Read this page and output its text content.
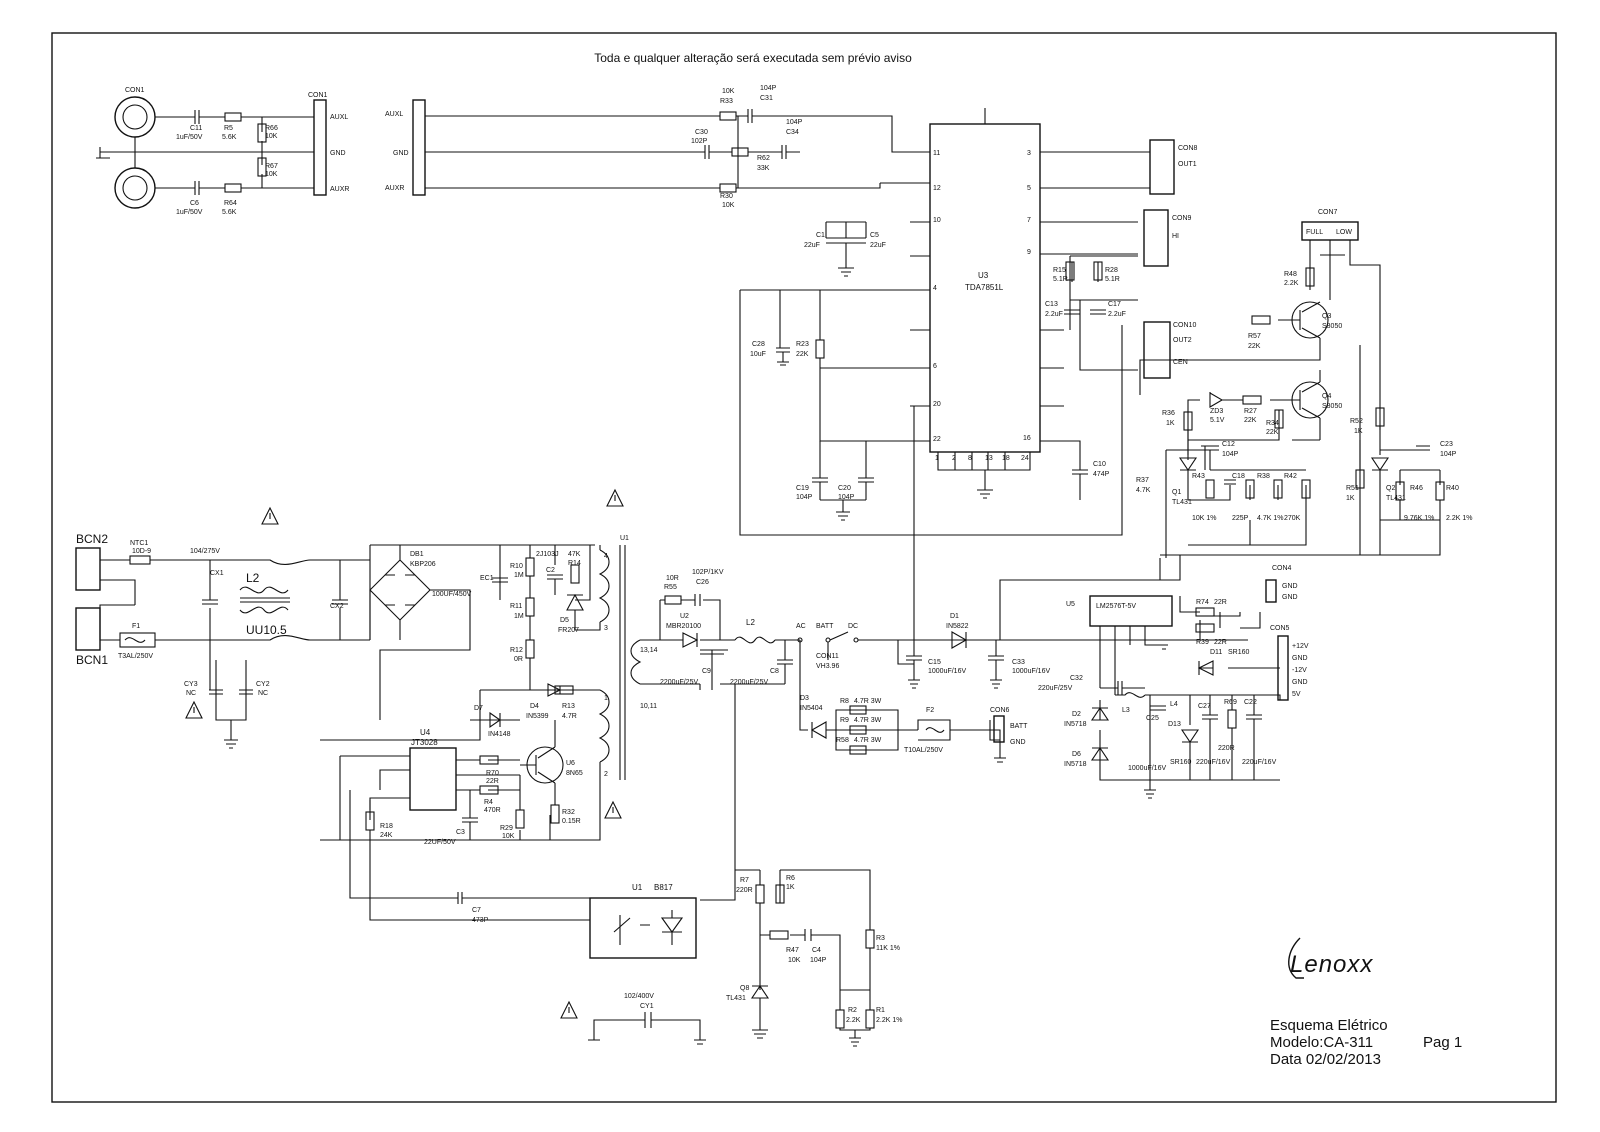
Toda e qualquer alteração será executada sem prévio aviso
CON1
CON1
AUXL
GND
AUXR
C11
1uF/50V
R5
5.6K
R66
10K
R67
10K
C6
1uF/50V
R64
5.6K
AUXL
GND
AUXR
10K
R33
104P
C31
104P
C34
C30
102P
R62
33K
R30
10K
U3
TDA7851L
11
12
10
4
6
20
22
3
5
7
9
16
1 2 8 13 18 24
C1
22uF
C5
22uF
C28
10uF
R23
22K
C19
104P
C20
104P
C10
474P
R15
5.1R
R28
5.1R
C13
2.2uF
C17
2.2uF
CON8
OUT1
CON9
HI
CON10
OUT2
CEN
CON7
FULL LOW
R48
2.2K
Q3
S8050
R57
22K
Q4
S8050
ZD3
5.1V
R27
22K R34
22K
R36
1K
C12
104P
R37
4.7K	Q1
TL431
R43
10K 1%
C18
225P
R38
4.7K 1%
R42
270K
R52
1K
C23
104P
R51
1K
Q2
TL431
R46
9.76K 1%
R40
2.2K 1%
BCN2
BCN1
NTC1
10D-9	104/275V
CX1 L2
UU10.5
CX2
F1
T3AL/250V
CY3
NC
CY2
NC
DB1
KBP206
EC1
100UF/450V
R10
1M
R11
1M
R12
0R
2J103J
C2
47K
R14
D5
FR207
U1
4
3
1
2
D4
IN5399
R13
4.7R
D7
IN4148
U4
JT3028
R70
22R
R4
470R
U6
8N65
R32
0.15R
R29
10K
C3
22UF/50V
R18
24K
C7
473P
102/400V
CY1
U1 B817
10R
R55
102P/1KV
C26
U2
MBR20100
13,14
10,11
C9
2200uF/25V
L2
C8
2200uF/25V
AC BATT DC
CON11
VH3.96
D3
IN5404
R8 4.7R 3W
R9 4.7R 3W
R58 4.7R 3W
F2
T10AL/250V
CON6
BATT
GND
C15
1000uF/16V
D1
IN5822
C33
1000uF/16V
U5	LM2576T-5V
R74 22R
R39 22R
D11 SR160
C32
220uF/25V
D2
IN5718
D6
IN5718
L3
C25
1000uF/16V
L4
D13
SR160
C27
220uF/16V
R69
220R
C22
220uF/16V
CON4
GND
GND
CON5
+12V
GND
-12V
GND
5V
R7
220R
R6
1K
R47
10K
C4
104P
R3
11K 1%
Q8
TL431
R2
2.2K
R1
2.2K 1%
Lenoxx
Esquema Elétrico
Modelo:CA-311	Pag 1
Data 02/02/2013
